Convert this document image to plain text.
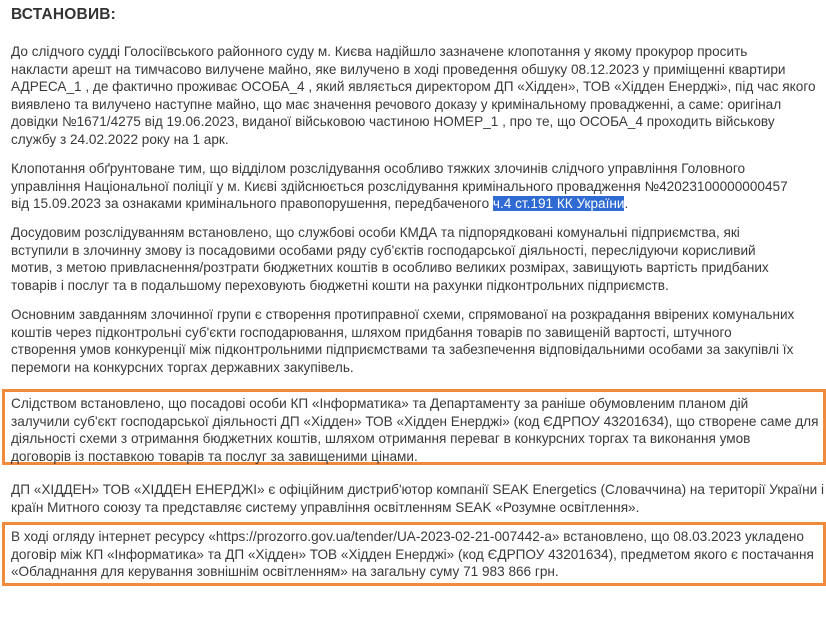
ВСТАНОВИВ:
До слідчого судді Голосіївського районного суду м. Києва надійшло зазначене клопотання у якому прокурор просить
накласти арешт на тимчасово вилучене майно, яке вилучено в ході проведення обшуку 08.12.2023 у приміщенні квартири
АДРЕСА_1 , де фактично проживає ОСОБА_4 , який являється директором ДП «Хідден», ТОВ «Хідден Енерджі», під час якого
виявлено та вилучено наступне майно, що має значення речового доказу у кримінальному провадженні, а саме: оригінал
довідки №1671/4275 від 19.06.2023, виданої військовою частиною НОМЕР_1 , про те, що ОСОБА_4 проходить військову
службу з 24.02.2022 року на 1 арк.
Клопотання обґрунтоване тим, що відділом розслідування особливо тяжких злочинів слідчого управління Головного
управління Національної поліції у м. Києві здійснюється розслідування кримінального провадження №42023100000000457
від 15.09.2023 за ознаками кримінального правопорушення, передбаченого ч.4 ст.191 КК України.
Досудовим розслідуванням встановлено, що службові особи КМДА та підпорядковані комунальні підприємства, які
вступили в злочинну змову із посадовими особами ряду суб'єктів господарської діяльності, переслідуючи корисливий
мотив, з метою привласнення/розтрати бюджетних коштів в особливо великих розмірах, завищують вартість придбаних
товарів і послуг та в подальшому переховують бюджетні кошти на рахунки підконтрольних підприємств.
Основним завданням злочинної групи є створення протиправної схеми, спрямованої на розкрадання ввірених комунальних
коштів через підконтрольні суб'єкти господарювання, шляхом придбання товарів по завищеній вартості, штучного
створення умов конкуренції між підконтрольними підприємствами та забезпечення відповідальними особами за закупівлі їх
перемоги на конкурсних торгах державних закупівель.
Слідством встановлено, що посадові особи КП «Інформатика» та Департаменту за раніше обумовленим планом дій
залучили суб'єкт господарської діяльності ДП «Хідден» ТОВ «Хідден Енерджі» (код ЄДРПОУ 43201634), що створене саме для
діяльності схеми з отримання бюджетних коштів, шляхом отримання переваг в конкурсних торгах та виконання умов
договорів із поставкою товарів та послуг за завищеними цінами.
ДП «ХІДДЕН» ТОВ «ХІДДЕН ЕНЕРДЖІ» є офіційним дистриб'ютор компанії SEAK Energetics (Словаччина) на території України і
країн Митного союзу та представляє систему управління освітленням SEAK «Розумне освітлення».
В ході огляду інтернет ресурсу «https://prozorro.gov.ua/tender/UA-2023-02-21-007442-a» встановлено, що 08.03.2023 укладено
договір між КП «Інформатика» та ДП «Хідден» ТОВ «Хідден Енерджі» (код ЄДРПОУ 43201634), предметом якого є постачання
«Обладнання для керування зовнішнім освітленням» на загальну суму 71 983 866 грн.
